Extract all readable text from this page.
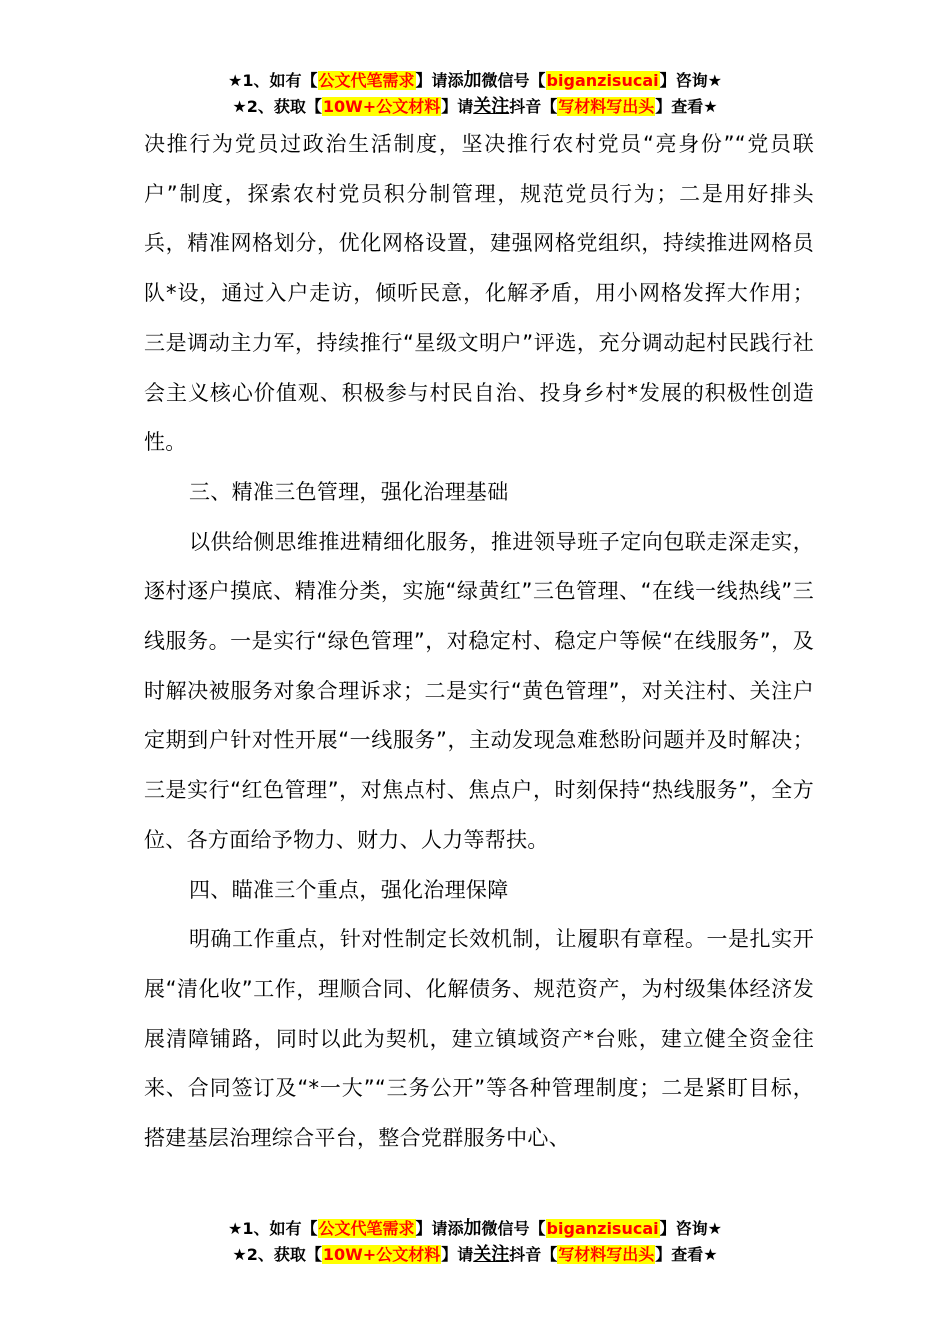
★1、如有【公文代笔需求】请添加微信号【biganzisucai】咨询★
★2、获取【10W+公文材料】请关注抖音【写材料写出头】查看★

决推行为党员过政治生活制度，坚决推行农村党员“亮身份”“党员联户”制度，探索农村党员积分制管理，规范党员行为；二是用好排头兵，精准网格划分，优化网格设置，建强网格党组织，持续推进网格员队*设，通过入户走访，倾听民意，化解矛盾，用小网格发挥大作用；三是调动主力军，持续推行“星级文明户”评选，充分调动起村民践行社会主义核心价值观、积极参与村民自治、投身乡村*发展的积极性创造性。

三、精准三色管理，强化治理基础

以供给侧思维推进精细化服务，推进领导班子定向包联走深走实，逐村逐户摸底、精准分类，实施“绿黄红”三色管理、“在线一线热线”三线服务。一是实行“绿色管理”，对稳定村、稳定户等候“在线服务”，及时解决被服务对象合理诉求；二是实行“黄色管理”，对关注村、关注户定期到户针对性开展“一线服务”，主动发现急难愁盼问题并及时解决；三是实行“红色管理”，对焦点村、焦点户，时刻保持“热线服务”，全方位、各方面给予物力、财力、人力等帮扶。

四、瞄准三个重点，强化治理保障

明确工作重点，针对性制定长效机制，让履职有章程。一是扎实开展“清化收”工作，理顺合同、化解债务、规范资产，为村级集体经济发展清障铺路，同时以此为契机，建立镇域资产*台账，建立健全资金往来、合同签订及“*一大”“三务公开”等各种管理制度；二是紧盯目标，搭建基层治理综合平台，整合党群服务中心、

★1、如有【公文代笔需求】请添加微信号【biganzisucai】咨询★
★2、获取【10W+公文材料】请关注抖音【写材料写出头】查看★
